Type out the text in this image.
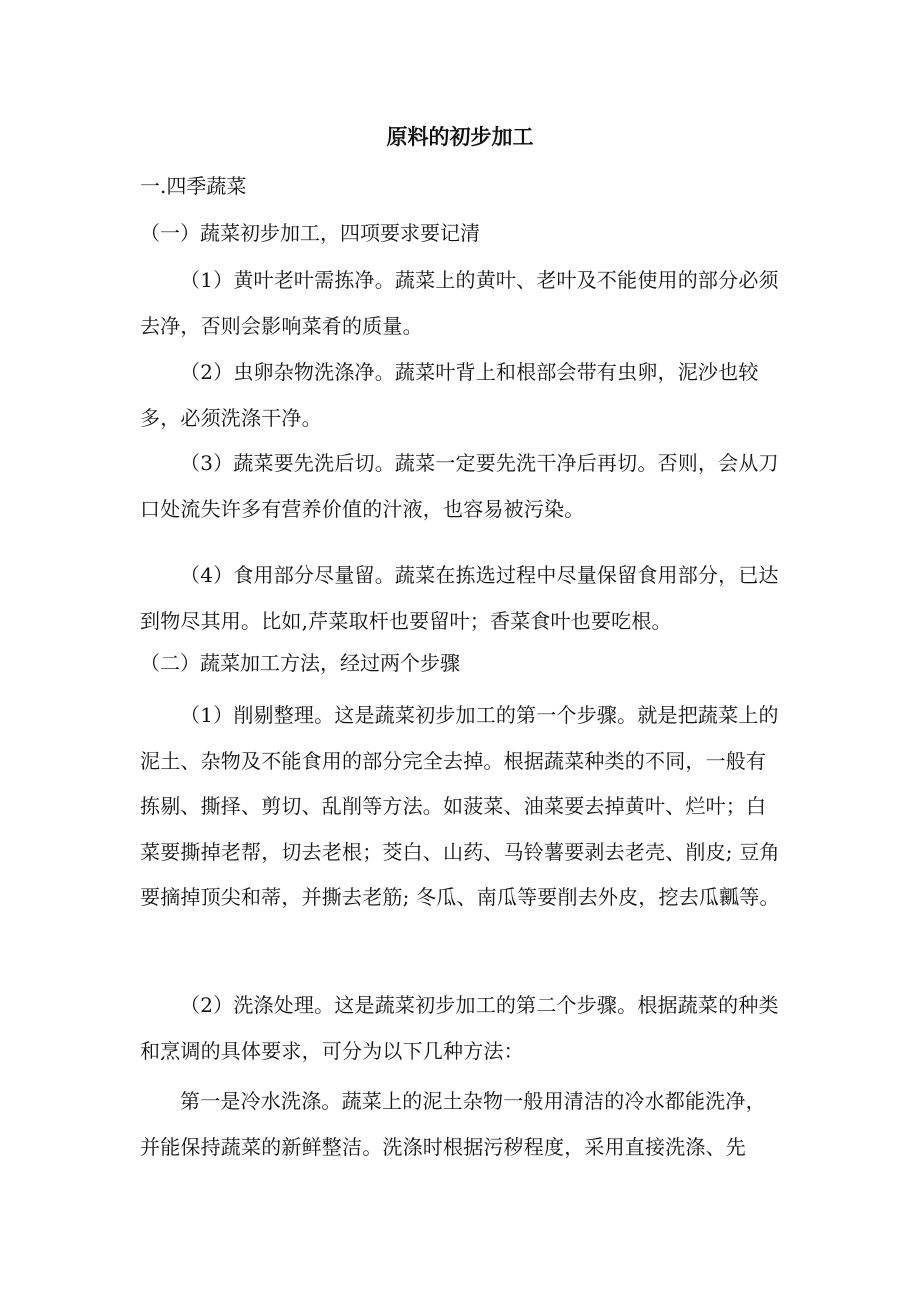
原料的初步加工
一.四季蔬菜
（一）蔬菜初步加工，四项要求要记清
（1）黄叶老叶需拣净。蔬菜上的黄叶、老叶及不能使用的部分必须去净，否则会影响菜肴的质量。
（2）虫卵杂物洗涤净。蔬菜叶背上和根部会带有虫卵，泥沙也较多，必须洗涤干净。
（3）蔬菜要先洗后切。蔬菜一定要先洗干净后再切。否则，会从刀口处流失许多有营养价值的汁液，也容易被污染。
（4）食用部分尽量留。蔬菜在拣选过程中尽量保留食用部分，已达到物尽其用。比如,芹菜取杆也要留叶；香菜食叶也要吃根。
（二）蔬菜加工方法，经过两个步骤
（1）削剔整理。这是蔬菜初步加工的第一个步骤。就是把蔬菜上的泥土、杂物及不能食用的部分完全去掉。根据蔬菜种类的不同，一般有拣剔、撕择、剪切、乱削等方法。如菠菜、油菜要去掉黄叶、烂叶；白菜要撕掉老帮，切去老根；茭白、山药、马铃薯要剥去老壳、削皮; 豆角要摘掉顶尖和蒂，并撕去老筋; 冬瓜、南瓜等要削去外皮，挖去瓜瓤等。
（2）洗涤处理。这是蔬菜初步加工的第二个步骤。根据蔬菜的种类和烹调的具体要求，可分为以下几种方法：
第一是冷水洗涤。蔬菜上的泥土杂物一般用清洁的冷水都能洗净，并能保持蔬菜的新鲜整洁。洗涤时根据污秽程度，采用直接洗涤、先
